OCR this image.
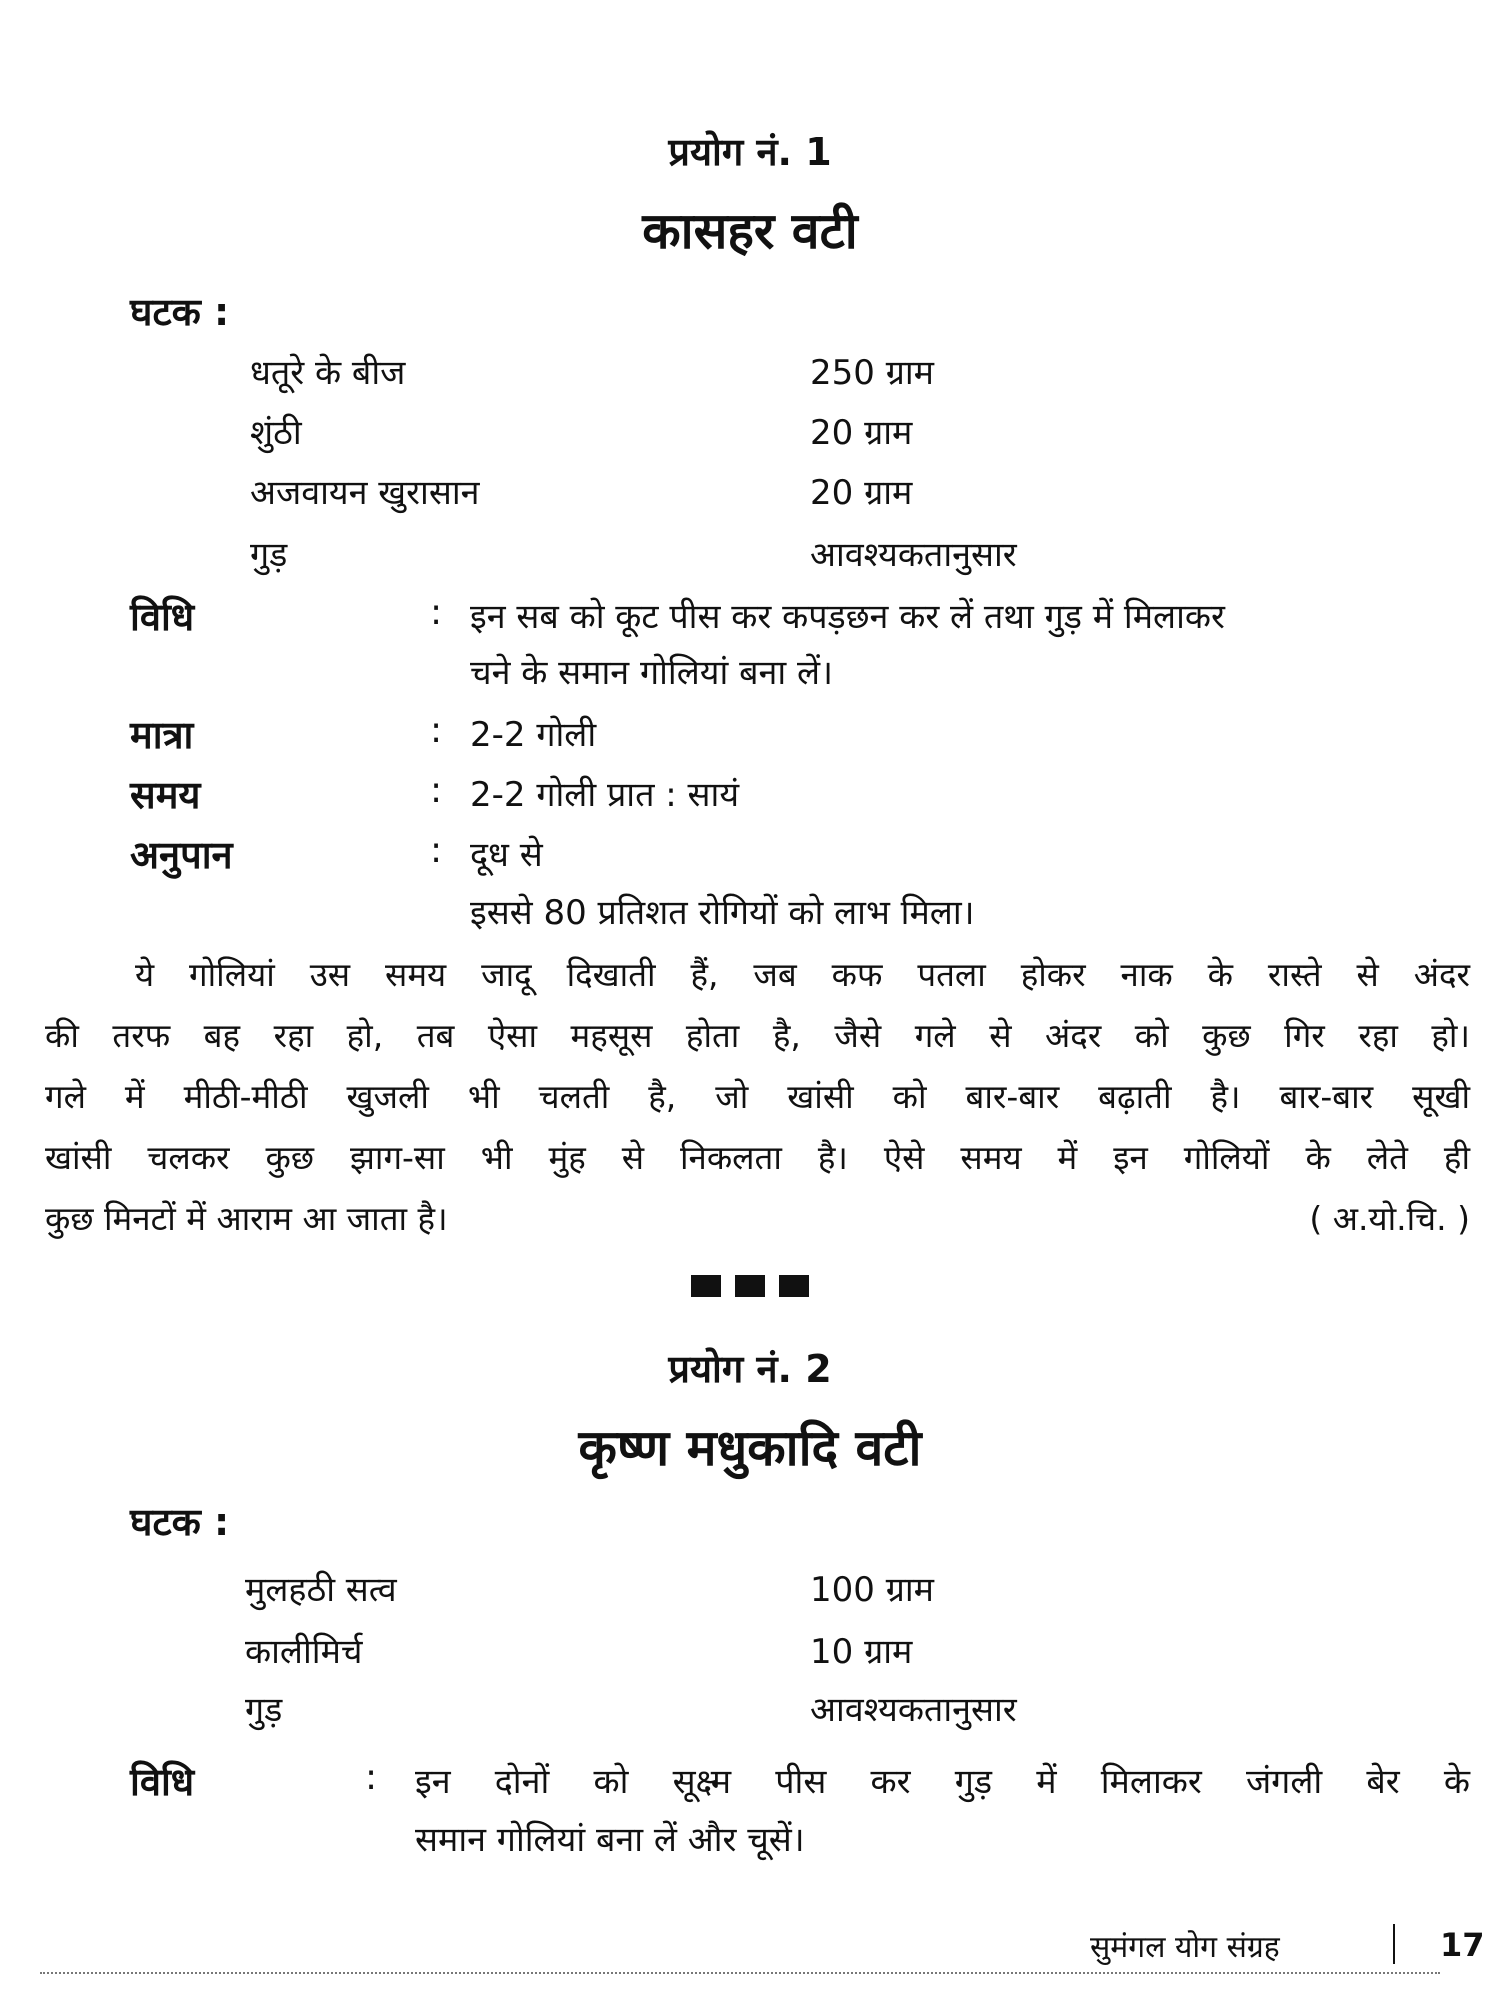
प्रयोग नं. 1
कासहर वटी
घटक :
धतूरे के बीज	250 ग्राम
शुंठी	20 ग्राम
अजवायन खुरासान	20 ग्राम
गुड़	आवश्यकतानुसार
विधि	: इन सब को कूट पीस कर कपड़छन कर लें तथा गुड़ में मिलाकर
चने के समान गोलियां बना लें।
मात्रा	: 2-2 गोली
समय	: 2-2 गोली प्रात : सायं
अनुपान	: दूध से
इससे 80 प्रतिशत रोगियों को लाभ मिला।
ये गोलियां उस समय जादू दिखाती हैं, जब कफ पतला होकर नाक के रास्ते से अंदर
की तरफ बह रहा हो, तब ऐसा महसूस होता है, जैसे गले से अंदर को कुछ गिर रहा हो।
गले में मीठी-मीठी खुजली भी चलती है, जो खांसी को बार-बार बढ़ाती है। बार-बार सूखी
खांसी चलकर कुछ झाग-सा भी मुंह से निकलता है। ऐसे समय में इन गोलियों के लेते ही
कुछ मिनटों में आराम आ जाता है।	( अ.यो.चि. )
प्रयोग नं. 2
कृष्ण मधुकादि वटी
घटक :
मुलहठी सत्व	100 ग्राम
कालीमिर्च	10 ग्राम
गुड़	आवश्यकतानुसार
विधि	: इन दोनों को सूक्ष्म पीस कर गुड़ में मिलाकर जंगली बेर के
समान गोलियां बना लें और चूसें।
सुमंगल योग संग्रह	17
